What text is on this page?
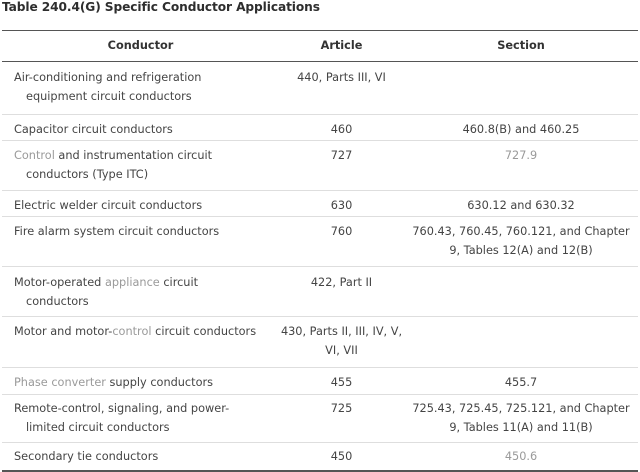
Table 240.4(G) Specific Conductor Applications
Conductor	Article	Section
Air-conditioning and refrigeration
equipment circuit conductors	440, Parts III, VI	
Capacitor circuit conductors	460	460.8(B) and 460.25
Control and instrumentation circuit
conductors (Type ITC)	727	727.9
Electric welder circuit conductors	630	630.12 and 630.32
Fire alarm system circuit conductors	760	760.43, 760.45, 760.121, and Chapter 9, Tables 12(A) and 12(B)
Motor-operated appliance circuit
conductors	422, Part II	
Motor and motor-control circuit conductors	430, Parts II, III, IV, V, VI, VII	
Phase converter supply conductors	455	455.7
Remote-control, signaling, and power-
limited circuit conductors	725	725.43, 725.45, 725.121, and Chapter 9, Tables 11(A) and 11(B)
Secondary tie conductors	450	450.6
